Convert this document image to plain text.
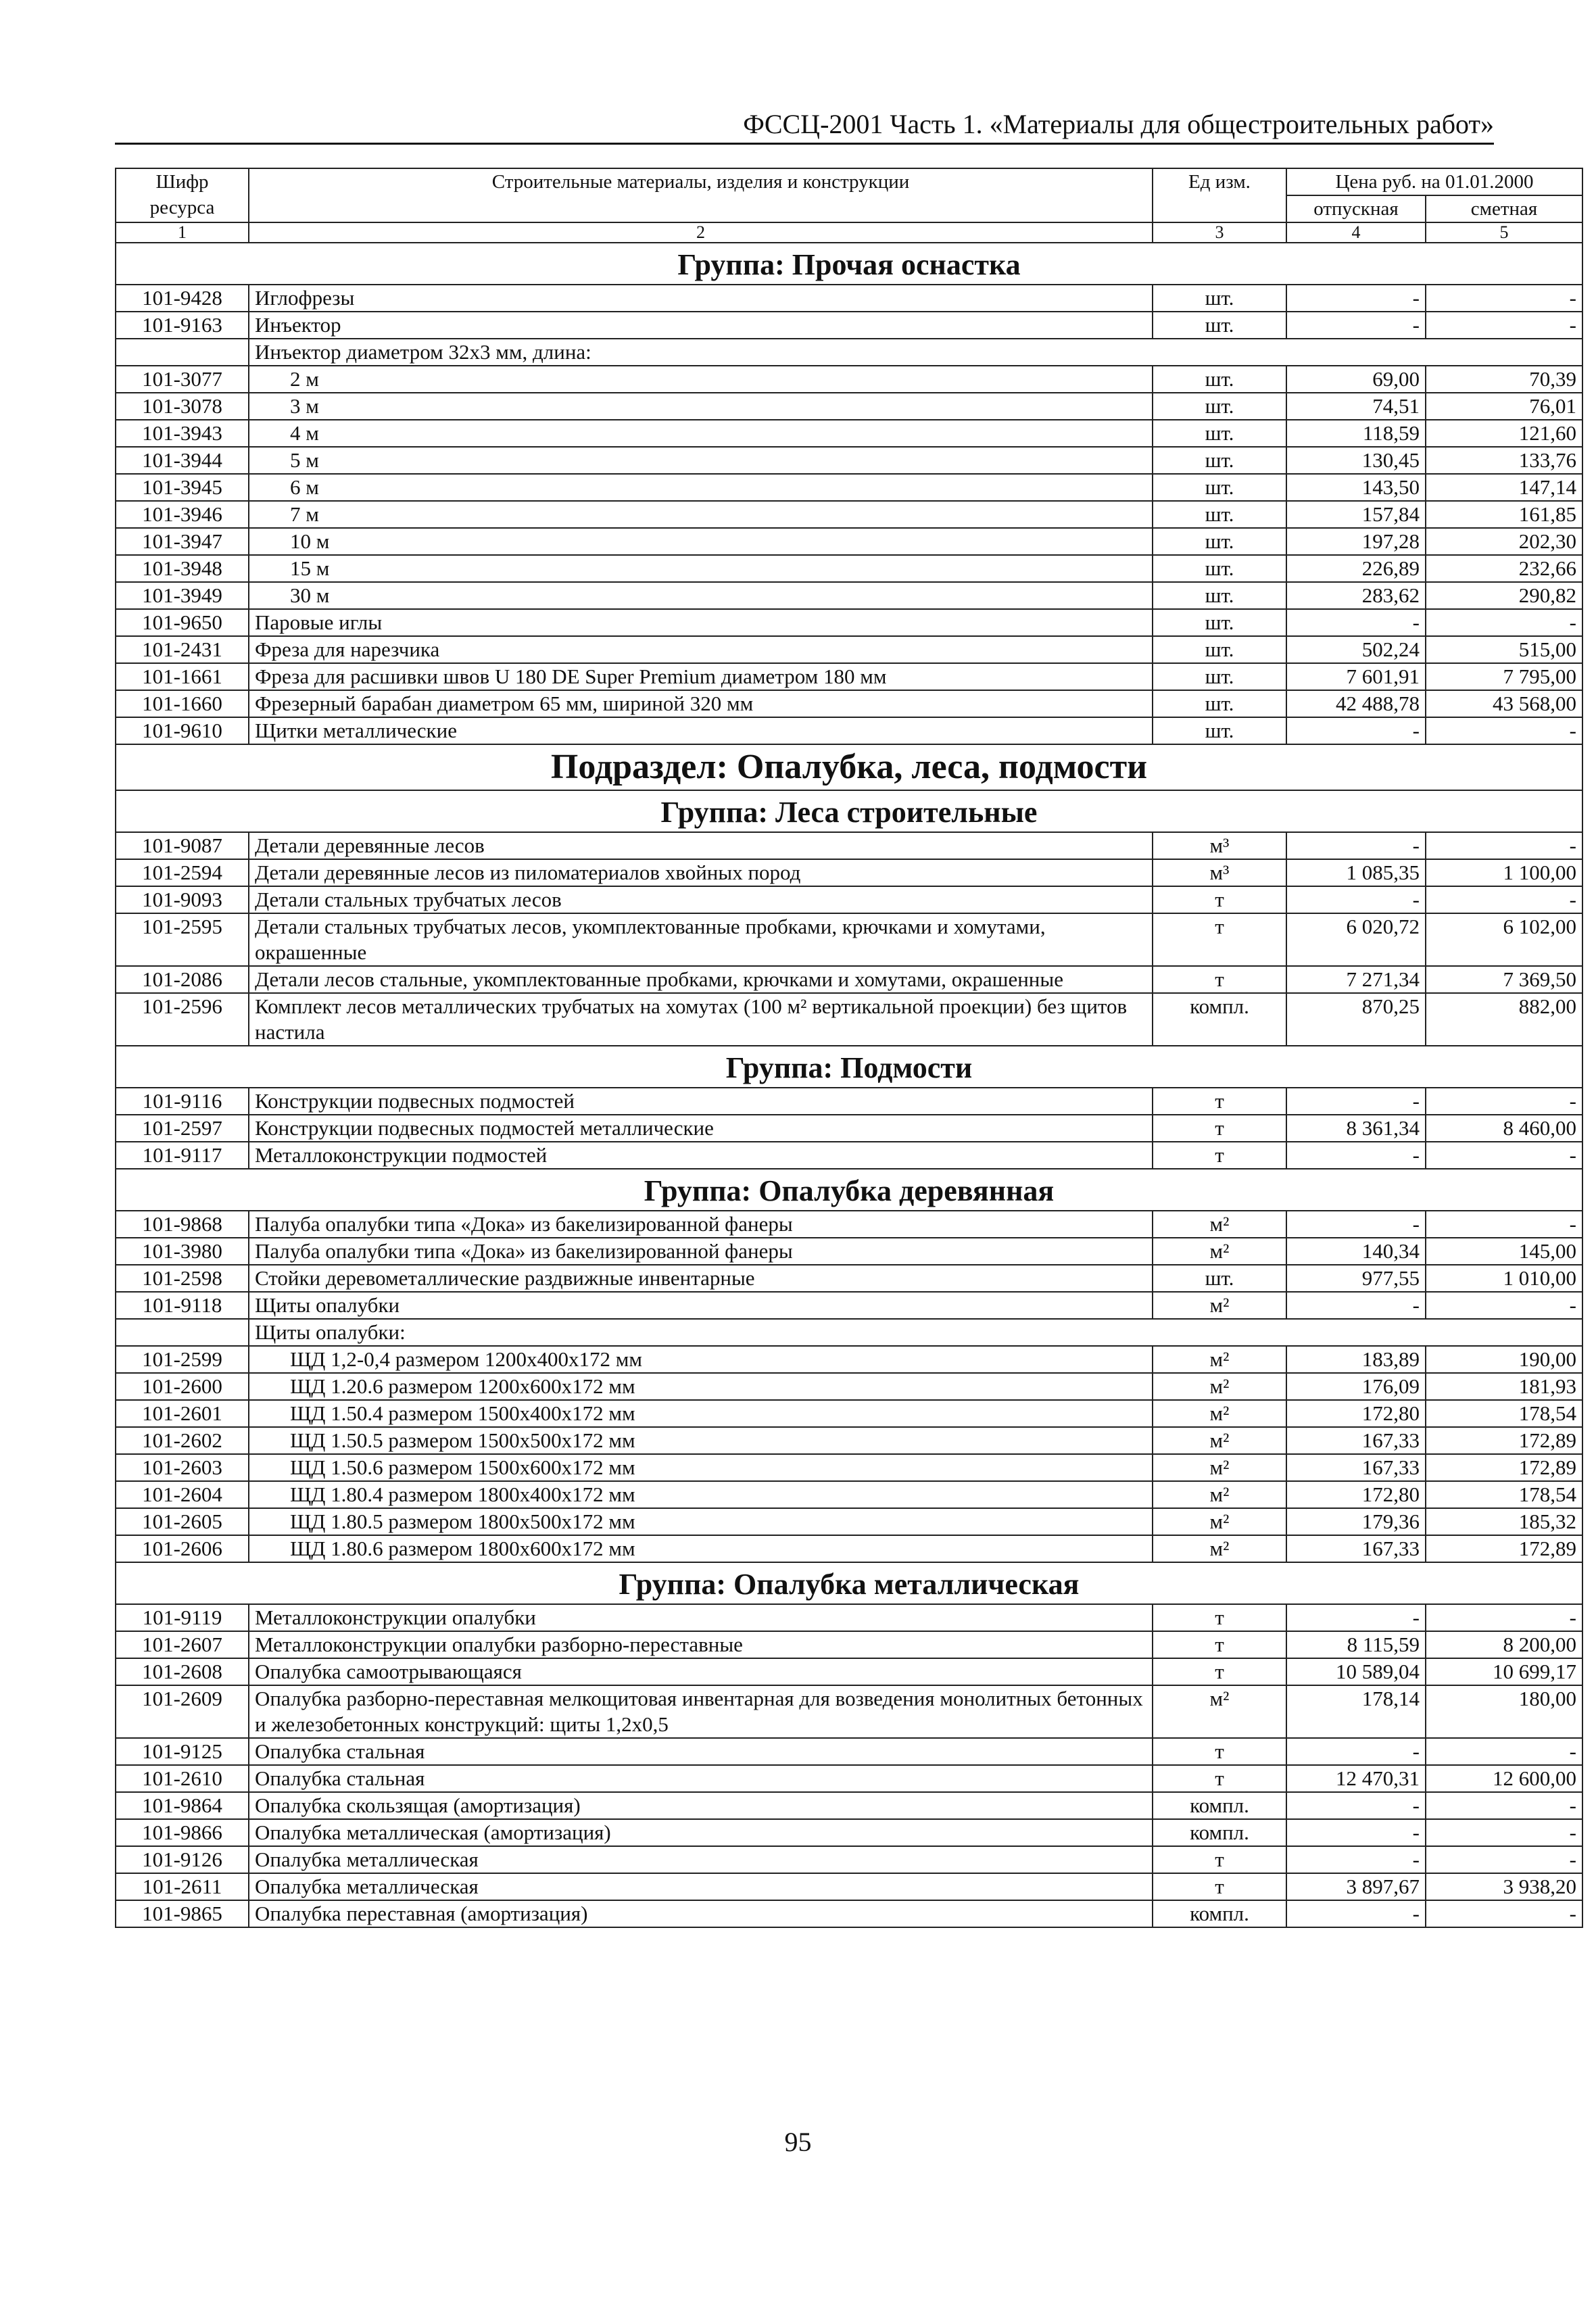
ФССЦ-2001 Часть 1. «Материалы для общестроительных работ»
Шифр ресурса	Строительные материалы, изделия и конструкции	Ед изм.	Цена руб. на 01.01.2000	
			отпускная	сметная
1	2	3	4	5
Группа: Прочая оснастка				
101-9428	Иглофрезы	шт.	-	-
101-9163	Инъектор	шт.	-	-
	Инъектор диаметром 32х3 мм, длина:			
101-3077	2 м	шт.	69,00	70,39
101-3078	3 м	шт.	74,51	76,01
101-3943	4 м	шт.	118,59	121,60
101-3944	5 м	шт.	130,45	133,76
101-3945	6 м	шт.	143,50	147,14
101-3946	7 м	шт.	157,84	161,85
101-3947	10 м	шт.	197,28	202,30
101-3948	15 м	шт.	226,89	232,66
101-3949	30 м	шт.	283,62	290,82
101-9650	Паровые иглы	шт.	-	-
101-2431	Фреза для нарезчика	шт.	502,24	515,00
101-1661	Фреза для расшивки швов U 180 DE Super Premium диаметром 180 мм	шт.	7 601,91	7 795,00
101-1660	Фрезерный барабан диаметром 65 мм, шириной 320 мм	шт.	42 488,78	43 568,00
101-9610	Щитки металлические	шт.	-	-
Подраздел: Опалубка, леса, подмости				
Группа: Леса строительные				
101-9087	Детали деревянные лесов	м³	-	-
101-2594	Детали деревянные лесов из пиломатериалов хвойных пород	м³	1 085,35	1 100,00
101-9093	Детали стальных трубчатых лесов	т	-	-
101-2595	Детали стальных трубчатых лесов, укомплектованные пробками, крючками и хомутами, окрашенные	т	6 020,72	6 102,00
101-2086	Детали лесов стальные, укомплектованные пробками, крючками и хомутами, окрашенные	т	7 271,34	7 369,50
101-2596	Комплект лесов металлических трубчатых на хомутах (100 м² вертикальной проекции) без щитов настила	компл.	870,25	882,00
Группа: Подмости				
101-9116	Конструкции подвесных подмостей	т	-	-
101-2597	Конструкции подвесных подмостей металлические	т	8 361,34	8 460,00
101-9117	Металлоконструкции подмостей	т	-	-
Группа: Опалубка деревянная				
101-9868	Палуба опалубки типа «Дока» из бакелизированной фанеры	м²	-	-
101-3980	Палуба опалубки типа «Дока» из бакелизированной фанеры	м²	140,34	145,00
101-2598	Стойки деревометаллические раздвижные инвентарные	шт.	977,55	1 010,00
101-9118	Щиты опалубки	м²	-	-
	Щиты опалубки:			
101-2599	ЩД 1,2-0,4 размером 1200х400х172 мм	м²	183,89	190,00
101-2600	ЩД 1.20.6 размером 1200х600х172 мм	м²	176,09	181,93
101-2601	ЩД 1.50.4 размером 1500х400х172 мм	м²	172,80	178,54
101-2602	ЩД 1.50.5 размером 1500х500х172 мм	м²	167,33	172,89
101-2603	ЩД 1.50.6 размером 1500х600х172 мм	м²	167,33	172,89
101-2604	ЩД 1.80.4 размером 1800х400х172 мм	м²	172,80	178,54
101-2605	ЩД 1.80.5 размером 1800х500х172 мм	м²	179,36	185,32
101-2606	ЩД 1.80.6 размером 1800х600х172 мм	м²	167,33	172,89
Группа: Опалубка металлическая				
101-9119	Металлоконструкции опалубки	т	-	-
101-2607	Металлоконструкции опалубки разборно-переставные	т	8 115,59	8 200,00
101-2608	Опалубка самоотрывающаяся	т	10 589,04	10 699,17
101-2609	Опалубка разборно-переставная мелкощитовая инвентарная для возведения монолитных бетонных и железобетонных конструкций: щиты 1,2х0,5	м²	178,14	180,00
101-9125	Опалубка стальная	т	-	-
101-2610	Опалубка стальная	т	12 470,31	12 600,00
101-9864	Опалубка скользящая (амортизация)	компл.	-	-
101-9866	Опалубка металлическая (амортизация)	компл.	-	-
101-9126	Опалубка металлическая	т	-	-
101-2611	Опалубка металлическая	т	3 897,67	3 938,20
101-9865	Опалубка переставная (амортизация)	компл.	-	-
95
